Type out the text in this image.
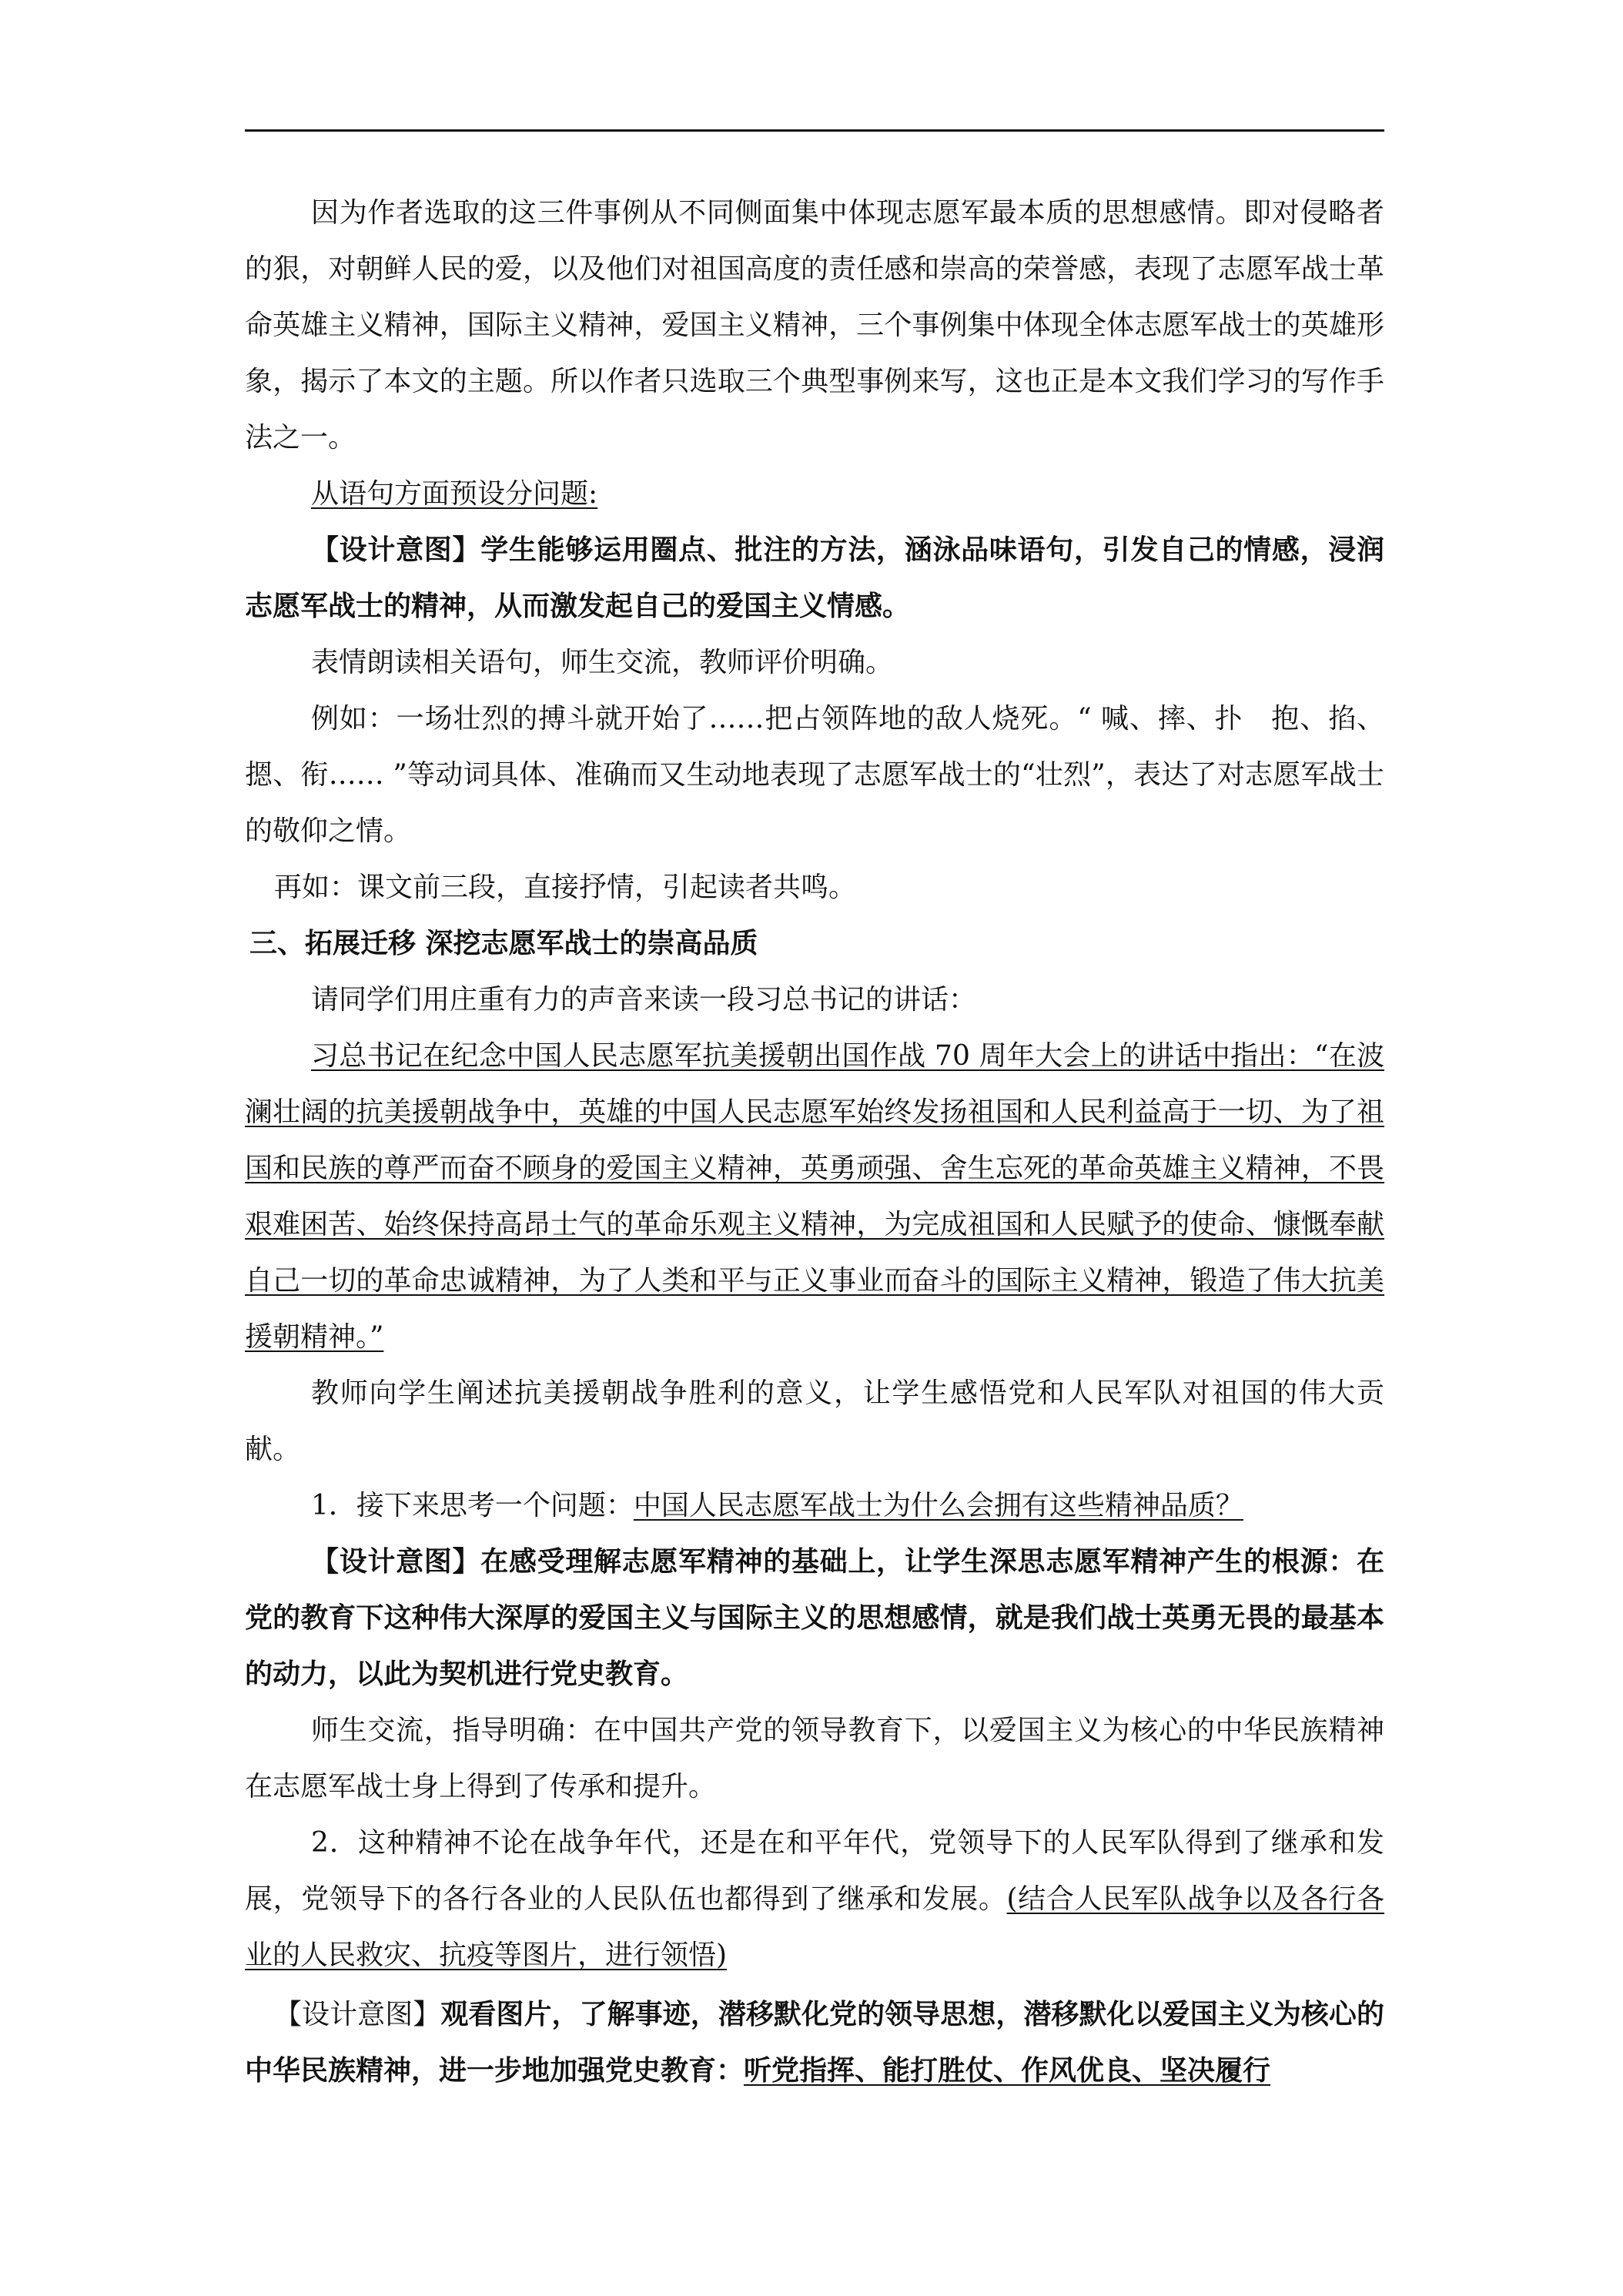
因为作者选取的这三件事例从不同侧面集中体现志愿军最本质的思想感情。即对侵略者的狠，对朝鲜人民的爱，以及他们对祖国高度的责任感和崇高的荣誉感，表现了志愿军战士革命英雄主义精神，国际主义精神，爱国主义精神，三个事例集中体现全体志愿军战士的英雄形象，揭示了本文的主题。所以作者只选取三个典型事例来写，这也正是本文我们学习的写作手法之一。

从语句方面预设分问题:

【设计意图】学生能够运用圈点、批注的方法，涵泳品味语句，引发自己的情感，浸润志愿军战士的精神，从而激发起自己的爱国主义情感。

表情朗读相关语句，师生交流，教师评价明确。

例如：一场壮烈的搏斗就开始了……把占领阵地的敌人烧死。“ 喊、摔、扑　抱、掐、摁、衔…… ”等动词具体、准确而又生动地表现了志愿军战士的“壮烈”，表达了对志愿军战士的敬仰之情。

再如：课文前三段，直接抒情，引起读者共鸣。

三、拓展迁移 深挖志愿军战士的崇高品质

请同学们用庄重有力的声音来读一段习总书记的讲话：

习总书记在纪念中国人民志愿军抗美援朝出国作战 70 周年大会上的讲话中指出：“在波澜壮阔的抗美援朝战争中，英雄的中国人民志愿军始终发扬祖国和人民利益高于一切、为了祖国和民族的尊严而奋不顾身的爱国主义精神，英勇顽强、舍生忘死的革命英雄主义精神，不畏艰难困苦、始终保持高昂士气的革命乐观主义精神，为完成祖国和人民赋予的使命、慷慨奉献自己一切的革命忠诚精神，为了人类和平与正义事业而奋斗的国际主义精神，锻造了伟大抗美援朝精神。”

教师向学生阐述抗美援朝战争胜利的意义，让学生感悟党和人民军队对祖国的伟大贡献。

1．接下来思考一个问题：中国人民志愿军战士为什么会拥有这些精神品质？

【设计意图】在感受理解志愿军精神的基础上，让学生深思志愿军精神产生的根源：在党的教育下这种伟大深厚的爱国主义与国际主义的思想感情，就是我们战士英勇无畏的最基本的动力，以此为契机进行党史教育。

师生交流，指导明确：在中国共产党的领导教育下，以爱国主义为核心的中华民族精神在志愿军战士身上得到了传承和提升。

2．这种精神不论在战争年代，还是在和平年代，党领导下的人民军队得到了继承和发展，党领导下的各行各业的人民队伍也都得到了继承和发展。(结合人民军队战争以及各行各业的人民救灾、抗疫等图片，进行领悟)

【设计意图】观看图片，了解事迹，潜移默化党的领导思想，潜移默化以爱国主义为核心的中华民族精神，进一步地加强党史教育：听党指挥、能打胜仗、作风优良、坚决履行
